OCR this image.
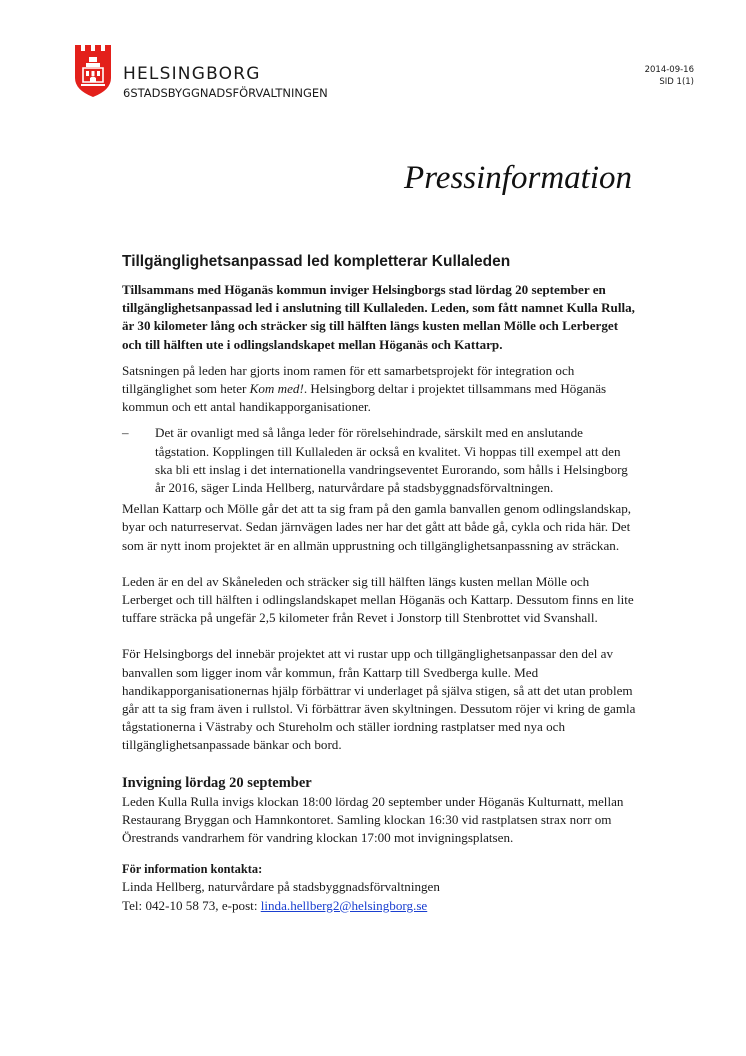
HELSINGBORG
6STADSBYGGNADSFÖRVALTNINGEN
2014-09-16
SID 1(1)
Pressinformation
Tillgänglighetsanpassad led kompletterar Kullaleden

Tillsammans med Höganäs kommun inviger Helsingborgs stad lördag 20 september en tillgänglighetsanpassad led i anslutning till Kullaleden. Leden, som fått namnet Kulla Rulla, är 30 kilometer lång och sträcker sig till hälften längs kusten mellan Mölle och Lerberget och till hälften ute i odlingslandskapet mellan Höganäs och Kattarp.

Satsningen på leden har gjorts inom ramen för ett samarbetsprojekt för integration och tillgänglighet som heter Kom med!. Helsingborg deltar i projektet tillsammans med Höganäs kommun och ett antal handikapporganisationer.

– Det är ovanligt med så långa leder för rörelsehindrade, särskilt med en anslutande tågstation. Kopplingen till Kullaleden är också en kvalitet. Vi hoppas till exempel att den ska bli ett inslag i det internationella vandringseventet Eurorando, som hålls i Helsingborg år 2016, säger Linda Hellberg, naturvårdare på stadsbyggnadsförvaltningen.

Mellan Kattarp och Mölle går det att ta sig fram på den gamla banvallen genom odlingslandskap, byar och naturreservat. Sedan järnvägen lades ner har det gått att både gå, cykla och rida här. Det som är nytt inom projektet är en allmän upprustning och tillgänglighetsanpassning av sträckan.

Leden är en del av Skåneleden och sträcker sig till hälften längs kusten mellan Mölle och Lerberget och till hälften i odlingslandskapet mellan Höganäs och Kattarp. Dessutom finns en lite tuffare sträcka på ungefär 2,5 kilometer från Revet i Jonstorp till Stenbrottet vid Svanshall.

För Helsingborgs del innebär projektet att vi rustar upp och tillgänglighetsanpassar den del av banvallen som ligger inom vår kommun, från Kattarp till Svedberga kulle. Med handikapporganisationernas hjälp förbättrar vi underlaget på själva stigen, så att det utan problem går att ta sig fram även i rullstol. Vi förbättrar även skyltningen. Dessutom röjer vi kring de gamla tågstationerna i Västraby och Stureholm och ställer iordning rastplatser med nya och tillgänglighetsanpassade bänkar och bord.

Invigning lördag 20 september

Leden Kulla Rulla invigs klockan 18:00 lördag 20 september under Höganäs Kulturnatt, mellan Restaurang Bryggan och Hamnkontoret. Samling klockan 16:30 vid rastplatsen strax norr om Örestrands vandrarhem för vandring klockan 17:00 mot invigningsplatsen.

För information kontakta:
Linda Hellberg, naturvårdare på stadsbyggnadsförvaltningen
Tel: 042-10 58 73, e-post: linda.hellberg2@helsingborg.se
